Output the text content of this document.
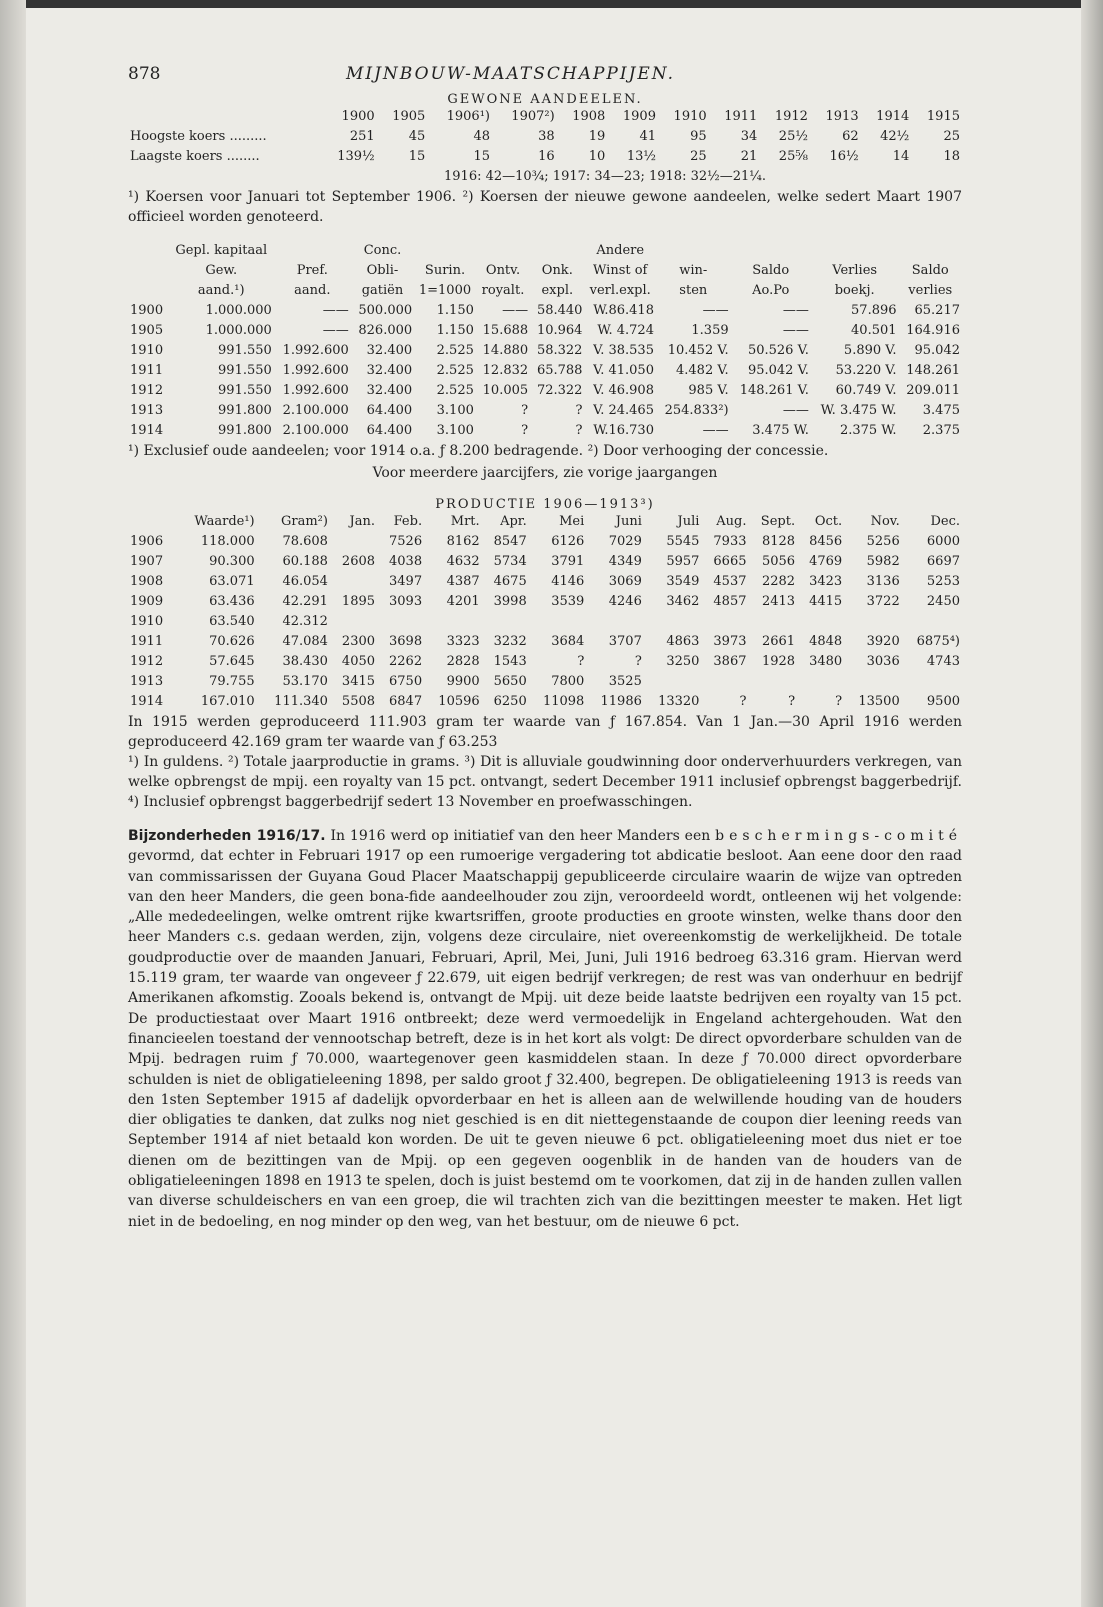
878	MIJNBOUW-MAATSCHAPPIJEN.
GEWONE AANDEELEN.
	1900	1905	1906¹)	1907²)	1908	1909	1910	1911	1912	1913	1914	1915
Hoogste koers .........	251	45	48	38	19	41	95	34	25½	62	42½	25
Laagste koers ........	139½	15	15	16	10	13½	25	21	25⅝	16½	14	18
1916: 42—10¾; 1917: 34—23; 1918: 32½—21¼.

¹) Koersen voor Januari tot September 1906. ²) Koersen der nieuwe gewone aandeelen, welke sedert Maart 1907 officieel worden genoteerd.

	Gepl. kapitaal		Conc.				Andere				
	Gew.	Pref.	Obli-	Surin.	Ontv.	Onk.	Winst of	win-	Saldo	Verlies	Saldo
	aand.¹)	aand.	gatiën	1=1000	royalt.	expl.	verl.expl.	sten	Ao.Po	boekj.	verlies
1900	1.000.000	——	500.000	1.150	——	58.440	W.86.418	——	——	57.896	65.217
1905	1.000.000	——	826.000	1.150	15.688	10.964	W. 4.724	1.359	——	40.501	164.916
1910	991.550	1.992.600	32.400	2.525	14.880	58.322	V. 38.535	10.452 V.	50.526 V.	5.890 V.	95.042
1911	991.550	1.992.600	32.400	2.525	12.832	65.788	V. 41.050	4.482 V.	95.042 V.	53.220 V.	148.261
1912	991.550	1.992.600	32.400	2.525	10.005	72.322	V. 46.908	985 V.	148.261 V.	60.749 V.	209.011
1913	991.800	2.100.000	64.400	3.100	?	?	V. 24.465	254.833²)	——	W. 3.475 W.	3.475
1914	991.800	2.100.000	64.400	3.100	?	?	W.16.730	——	3.475 W.	2.375 W.	2.375

¹) Exclusief oude aandeelen; voor 1914 o.a. ƒ 8.200 bedragende. ²) Door verhooging der concessie.

Voor meerdere jaarcijfers, zie vorige jaargangen
PRODUCTIE 1906—1913³)
	Waarde¹)	Gram²)	Jan.	Feb.	Mrt.	Apr.	Mei	Juni	Juli	Aug.	Sept.	Oct.	Nov.	Dec.
1906	118.000	78.608		7526	8162	8547	6126	7029	5545	7933	8128	8456	5256	6000
1907	90.300	60.188	2608	4038	4632	5734	3791	4349	5957	6665	5056	4769	5982	6697
1908	63.071	46.054		3497	4387	4675	4146	3069	3549	4537	2282	3423	3136	5253
1909	63.436	42.291	1895	3093	4201	3998	3539	4246	3462	4857	2413	4415	3722	2450
1910	63.540	42.312												
1911	70.626	47.084	2300	3698	3323	3232	3684	3707	4863	3973	2661	4848	3920	6875⁴)
1912	57.645	38.430	4050	2262	2828	1543	?	?	3250	3867	1928	3480	3036	4743
1913	79.755	53.170	3415	6750	9900	5650	7800	3525						
1914	167.010	111.340	5508	6847	10596	6250	11098	11986	13320	?	?	?	13500	9500

In 1915 werden geproduceerd 111.903 gram ter waarde van ƒ 167.854. Van 1 Jan.—30 April 1916 werden geproduceerd 42.169 gram ter waarde van ƒ 63.253

¹) In guldens. ²) Totale jaarproductie in grams. ³) Dit is alluviale goudwinning door onderverhuurders verkregen, van welke opbrengst de mpij. een royalty van 15 pct. ontvangt, sedert December 1911 inclusief opbrengst baggerbedrijf. ⁴) Inclusief opbrengst baggerbedrijf sedert 13 November en proefwasschingen.

Bijzonderheden 1916/17. In 1916 werd op initiatief van den heer Manders een beschermings-comité gevormd, dat echter in Februari 1917 op een rumoerige vergadering tot abdicatie besloot. Aan eene door den raad van commissarissen der Guyana Goud Placer Maatschappij gepubliceerde circulaire waarin de wijze van optreden van den heer Manders, die geen bona-fide aandeelhouder zou zijn, veroordeeld wordt, ontleenen wij het volgende: „Alle mededeelingen, welke omtrent rijke kwartsriffen, groote producties en groote winsten, welke thans door den heer Manders c.s. gedaan werden, zijn, volgens deze circulaire, niet overeenkomstig de werkelijkheid. De totale goudproductie over de maanden Januari, Februari, April, Mei, Juni, Juli 1916 bedroeg 63.316 gram. Hiervan werd 15.119 gram, ter waarde van ongeveer ƒ 22.679, uit eigen bedrijf verkregen; de rest was van onderhuur en bedrijf Amerikanen afkomstig. Zooals bekend is, ontvangt de Mpij. uit deze beide laatste bedrijven een royalty van 15 pct. De productiestaat over Maart 1916 ontbreekt; deze werd vermoedelijk in Engeland achtergehouden. Wat den financieelen toestand der vennootschap betreft, deze is in het kort als volgt: De direct opvorderbare schulden van de Mpij. bedragen ruim ƒ 70.000, waartegenover geen kasmiddelen staan. In deze ƒ 70.000 direct opvorderbare schulden is niet de obligatieleening 1898, per saldo groot ƒ 32.400, begrepen. De obligatieleening 1913 is reeds van den 1sten September 1915 af dadelijk opvorderbaar en het is alleen aan de welwillende houding van de houders dier obligaties te danken, dat zulks nog niet geschied is en dit niettegenstaande de coupon dier leening reeds van September 1914 af niet betaald kon worden. De uit te geven nieuwe 6 pct. obligatieleening moet dus niet er toe dienen om de bezittingen van de Mpij. op een gegeven oogenblik in de handen van de houders van de obligatieleeningen 1898 en 1913 te spelen, doch is juist bestemd om te voorkomen, dat zij in de handen zullen vallen van diverse schuldeischers en van een groep, die wil trachten zich van die bezittingen meester te maken. Het ligt niet in de bedoeling, en nog minder op den weg, van het bestuur, om de nieuwe 6 pct.
